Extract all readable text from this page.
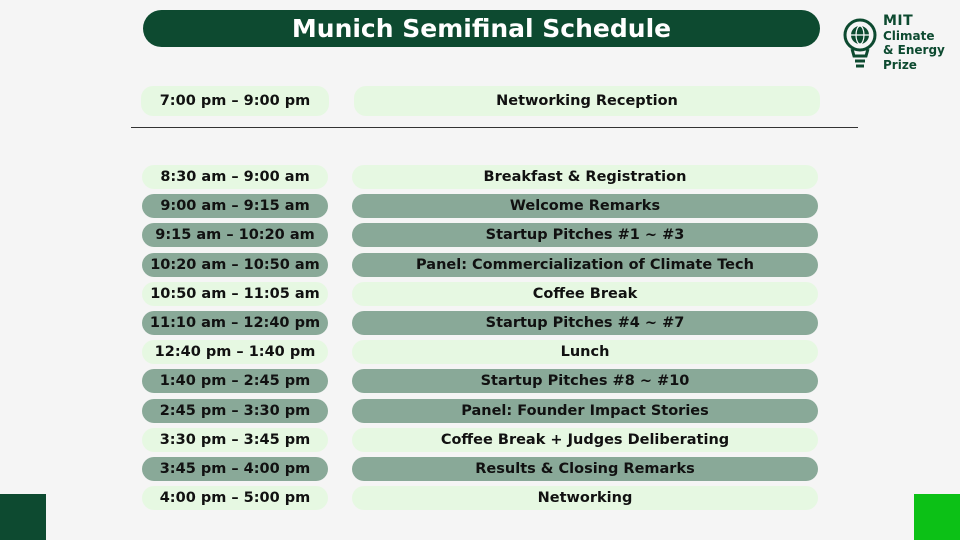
Munich Semifinal Schedule	MIT
Climate
& Energy
Prize
7:00 pm – 9:00 pm	Networking Reception
8:30 am – 9:00 am	Breakfast & Registration
9:00 am – 9:15 am	Welcome Remarks
9:15 am – 10:20 am	Startup Pitches #1 ~ #3
10:20 am – 10:50 am	Panel: Commercialization of Climate Tech
10:50 am – 11:05 am	Coffee Break
11:10 am – 12:40 pm	Startup Pitches #4 ~ #7
12:40 pm – 1:40 pm	Lunch
1:40 pm – 2:45 pm	Startup Pitches #8 ~ #10
2:45 pm – 3:30 pm	Panel: Founder Impact Stories
3:30 pm – 3:45 pm	Coffee Break + Judges Deliberating
3:45 pm – 4:00 pm	Results & Closing Remarks
4:00 pm – 5:00 pm	Networking
